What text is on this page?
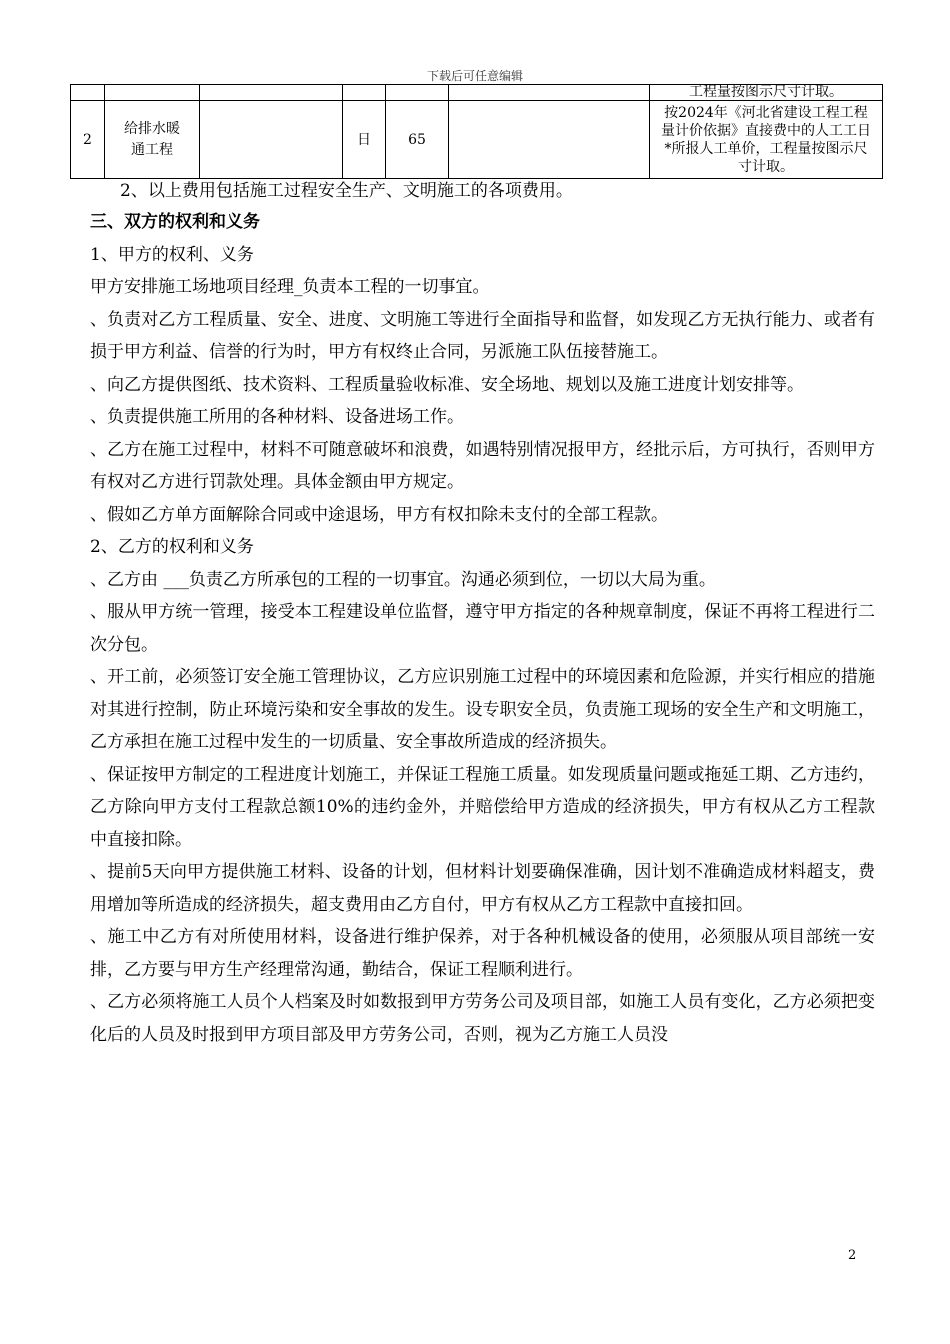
下载后可任意编辑
						工程量按图示尺寸计取。
2	给排水暖通工程		日	65		按2024年《河北省建设工程工程量计价依据》直接费中的人工工日*所报人工单价，工程量按图示尺寸计取。

2、以上费用包括施工过程安全生产、文明施工的各项费用。

三、双方的权利和义务

1、甲方的权利、义务

甲方安排施工场地项目经理_负责本工程的一切事宜。

、负责对乙方工程质量、安全、进度、文明施工等进行全面指导和监督，如发现乙方无执行能力、或者有损于甲方利益、信誉的行为时，甲方有权终止合同，另派施工队伍接替施工。

、向乙方提供图纸、技术资料、工程质量验收标准、安全场地、规划以及施工进度计划安排等。

、负责提供施工所用的各种材料、设备进场工作。

、乙方在施工过程中，材料不可随意破坏和浪费，如遇特别情况报甲方，经批示后，方可执行，否则甲方有权对乙方进行罚款处理。具体金额由甲方规定。

、假如乙方单方面解除合同或中途退场，甲方有权扣除未支付的全部工程款。

2、乙方的权利和义务

、乙方由 ___负责乙方所承包的工程的一切事宜。沟通必须到位，一切以大局为重。

、服从甲方统一管理，接受本工程建设单位监督，遵守甲方指定的各种规章制度，保证不再将工程进行二次分包。

、开工前，必须签订安全施工管理协议，乙方应识别施工过程中的环境因素和危险源，并实行相应的措施对其进行控制，防止环境污染和安全事故的发生。设专职安全员，负责施工现场的安全生产和文明施工，乙方承担在施工过程中发生的一切质量、安全事故所造成的经济损失。

、保证按甲方制定的工程进度计划施工，并保证工程施工质量。如发现质量问题或拖延工期、乙方违约，乙方除向甲方支付工程款总额10%的违约金外，并赔偿给甲方造成的经济损失，甲方有权从乙方工程款中直接扣除。

、提前5天向甲方提供施工材料、设备的计划，但材料计划要确保准确，因计划不准确造成材料超支，费用增加等所造成的经济损失，超支费用由乙方自付，甲方有权从乙方工程款中直接扣回。

、施工中乙方有对所使用材料，设备进行维护保养，对于各种机械设备的使用，必须服从项目部统一安排，乙方要与甲方生产经理常沟通，勤结合，保证工程顺利进行。

、乙方必须将施工人员个人档案及时如数报到甲方劳务公司及项目部，如施工人员有变化，乙方必须把变化后的人员及时报到甲方项目部及甲方劳务公司，否则，视为乙方施工人员没

2
